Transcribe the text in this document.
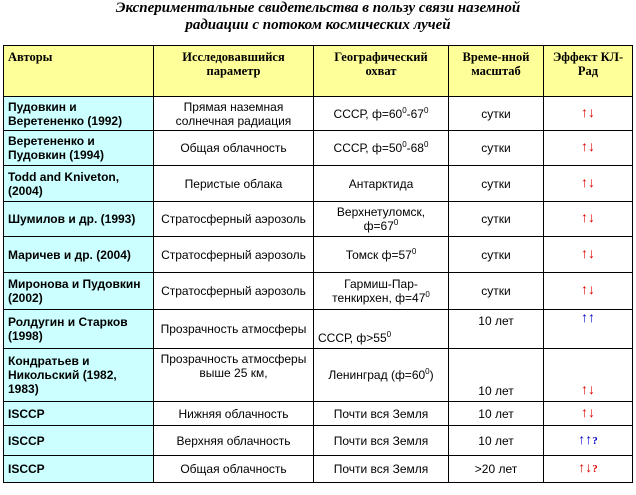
Экспериментальные свидетельства в пользу связи наземной
радиации с потоком космических лучей
Авторы	Исследовавшийся параметр	Географический охват	Време-нной масштаб	Эффект КЛ-Рад
Пудовкин и Веретененко (1992)	Прямая наземная солнечная радиация	СССР, $ф=60^0-67^0$	сутки	↑↓
Веретененко и Пудовкин (1994)	Общая облачность	СССР, $ф=50^0-68^0$	сутки	↑↓
Todd and Kniveton, (2004)	Перистые облака	Антарктида	сутки	↑↓
Шумилов и др. (1993)	Стратосферный аэрозоль	Верхнетуломск, $ф=67^0$	сутки	↑↓
Маричев и др. (2004)	Стратосферный аэрозоль	Томск $ф=57^0$	сутки	↑↓
Миронова и Пудовкин (2002)	Стратосферный аэрозоль	Гармиш-Пар-тенкирхен, $ф=47^0$	сутки	↑↓
Ролдугин и Старков (1998)	Прозрачность атмосферы	СССР, $ф>55^0$	10 лет	↑↑
Кондратьев и Никольский (1982, 1983)	Прозрачность атмосферы выше 25 км,	Ленинград $(ф=60^0)$	10 лет	↑↓
ISCCP	Нижняя облачность	Почти вся Земля	10 лет	↑↓
ISCCP	Верхняя облачность	Почти вся Земля	10 лет	↑↑?
ISCCP	Общая облачность	Почти вся Земля	>20 лет	↑↓?
